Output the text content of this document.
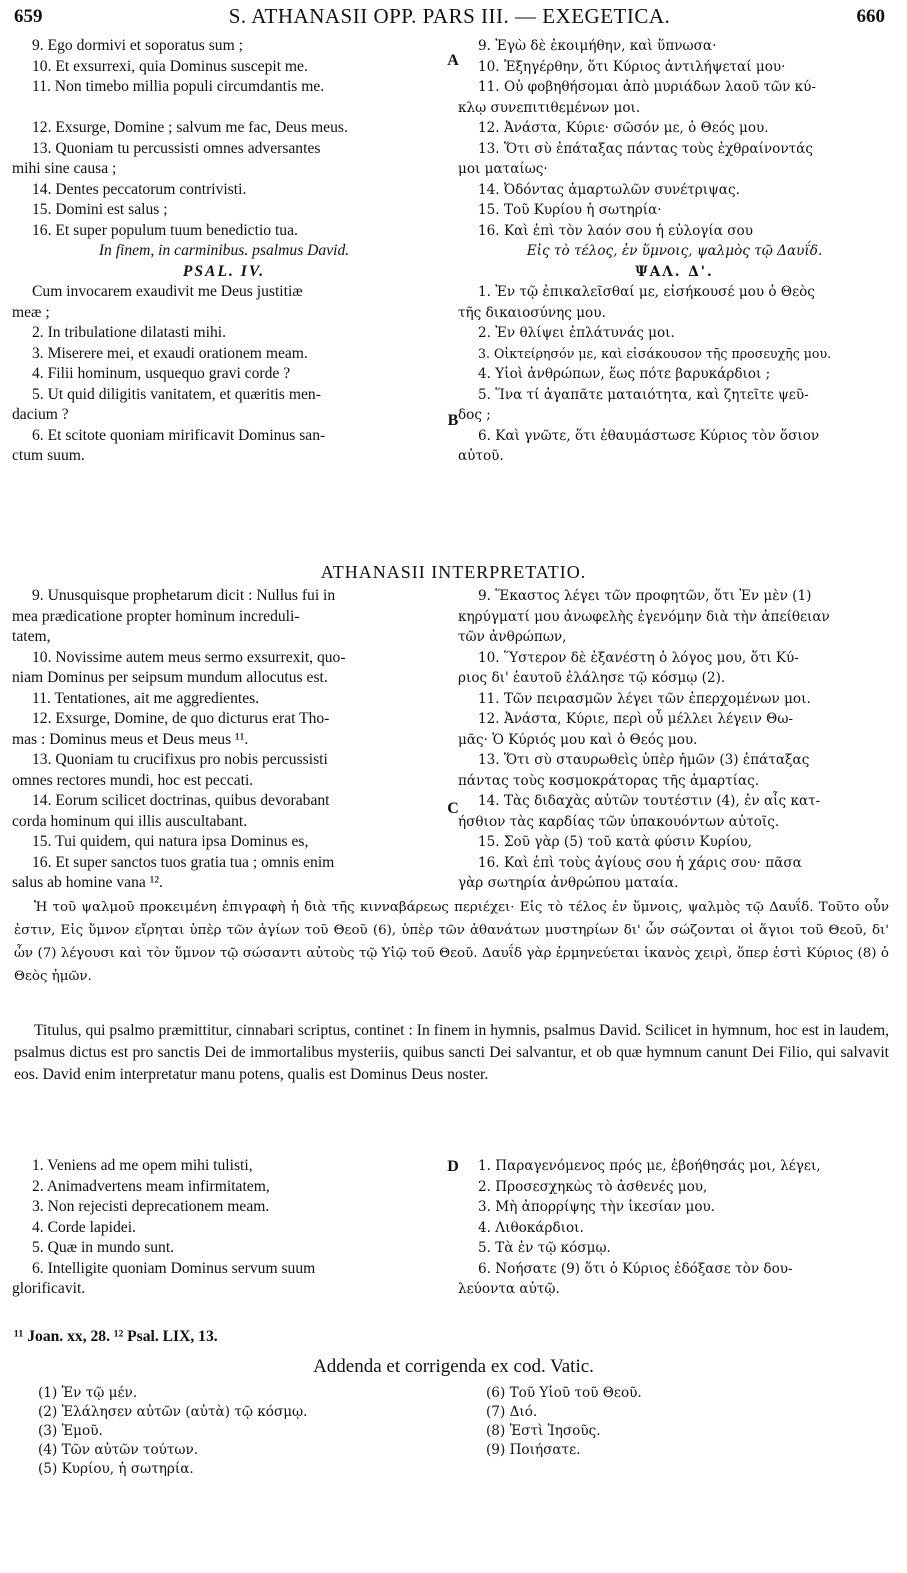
659	S. ATHANASII OPP. PARS III. — EXEGETICA.	660

9. Ego dormivi et soporatus sum ;

10. Et exsurrexi, quia Dominus suscepit me.

11. Non timebo millia populi circumdantis me.

12. Exsurge, Domine ; salvum me fac, Deus meus.

13. Quoniam tu percussisti omnes adversantes

mihi sine causa ;

14. Dentes peccatorum contrivisti.

15. Domini est salus ;

16. Et super populum tuum benedictio tua.

In finem, in carminibus. psalmus David.

PSAL. IV.

Cum invocarem exaudivit me Deus justitiæ

meæ ;

2. In tribulatione dilatasti mihi.

3. Miserere mei, et exaudi orationem meam.

4. Filii hominum, usquequo gravi corde ?

5. Ut quid diligitis vanitatem, et quæritis men-

dacium ?

6. Et scitote quoniam mirificavit Dominus san-

ctum suum.

9. Ἐγὼ δὲ ἐκοιμήθην, καὶ ὕπνωσα·

10. Ἐξηγέρθην, ὅτι Κύριος ἀντιλήψεταί μου·

11. Οὐ φοβηθήσομαι ἀπὸ μυριάδων λαοῦ τῶν κύ-

κλῳ συνεπιτιθεμένων μοι.

12. Ἀνάστα, Κύριε· σῶσόν με, ὁ Θεός μου.

13. Ὅτι σὺ ἐπάταξας πάντας τοὺς ἐχθραίνοντάς

μοι ματαίως·

14. Ὀδόντας ἁμαρτωλῶν συνέτριψας.

15. Τοῦ Κυρίου ἡ σωτηρία·

16. Καὶ ἐπὶ τὸν λαόν σου ἡ εὐλογία σου

Εἰς τὸ τέλος, ἐν ὕμνοις, ψαλμὸς τῷ Δαυΐδ.

ΨΑΛ. Δ'.

1. Ἐν τῷ ἐπικαλεῖσθαί με, εἰσήκουσέ μου ὁ Θεὸς

τῆς δικαιοσύνης μου.

2. Ἐν θλίψει ἐπλάτυνάς μοι.

3. Οἰκτείρησόν με, καὶ εἰσάκουσον τῆς προσευχῆς μου.

4. Υἱοὶ ἀνθρώπων, ἕως πότε βαρυκάρδιοι ;

5. Ἵνα τί ἀγαπᾶτε ματαιότητα, καὶ ζητεῖτε ψεῦ-

δος ;

6. Καὶ γνῶτε, ὅτι ἐθαυμάστωσε Κύριος τὸν ὅσιον

αὐτοῦ.

A
B
ATHANASII INTERPRETATIO.

9. Unusquisque prophetarum dicit : Nullus fui in

mea prædicatione propter hominum increduli-

tatem,

10. Novissime autem meus sermo exsurrexit, quo-

niam Dominus per seipsum mundum allocutus est.

11. Tentationes, ait me aggredientes.

12. Exsurge, Domine, de quo dicturus erat Tho-

mas : Dominus meus et Deus meus ¹¹.

13. Quoniam tu crucifixus pro nobis percussisti

omnes rectores mundi, hoc est peccati.

14. Eorum scilicet doctrinas, quibus devorabant

corda hominum qui illis auscultabant.

15. Tui quidem, qui natura ipsa Dominus es,

16. Et super sanctos tuos gratia tua ; omnis enim

salus ab homine vana ¹².

9. Ἕκαστος λέγει τῶν προφητῶν, ὅτι Ἐν μὲν (1)

κηρύγματί μου ἀνωφελὴς ἐγενόμην διὰ τὴν ἀπείθειαν

τῶν ἀνθρώπων,

10. Ὕστερον δὲ ἐξανέστη ὁ λόγος μου, ὅτι Κύ-

ριος δι' ἑαυτοῦ ἐλάλησε τῷ κόσμῳ (2).

11. Τῶν πειρασμῶν λέγει τῶν ἐπερχομένων μοι.

12. Ἀνάστα, Κύριε, περὶ οὗ μέλλει λέγειν Θω-

μᾶς· Ὁ Κύριός μου καὶ ὁ Θεός μου.

13. Ὅτι σὺ σταυρωθεὶς ὑπὲρ ἡμῶν (3) ἐπάταξας

πάντας τοὺς κοσμοκράτορας τῆς ἁμαρτίας.

14. Τὰς διδαχὰς αὐτῶν τουτέστιν (4), ἐν αἷς κατ-

ήσθιον τὰς καρδίας τῶν ὑπακουόντων αὐτοῖς.

15. Σοῦ γὰρ (5) τοῦ κατὰ φύσιν Κυρίου,

16. Καὶ ἐπὶ τοὺς ἁγίους σου ἡ χάρις σου· πᾶσα

γὰρ σωτηρία ἀνθρώπου ματαία.

C

Ἡ τοῦ ψαλμοῦ προκειμένη ἐπιγραφὴ ἡ διὰ τῆς κινναβάρεως περιέχει· Εἰς τὸ τέλος ἐν ὕμνοις, ψαλμὸς τῷ Δαυΐδ. Τοῦτο οὖν ἐστιν, Εἰς ὕμνον εἴρηται ὑπὲρ τῶν ἁγίων τοῦ Θεοῦ (6), ὑπὲρ τῶν ἀθανάτων μυστηρίων δι' ὧν σώζονται οἱ ἅγιοι τοῦ Θεοῦ, δι' ὧν (7) λέγουσι καὶ τὸν ὕμνον τῷ σώσαντι αὐτοὺς τῷ Υἱῷ τοῦ Θεοῦ. Δαυΐδ γὰρ ἑρμηνεύεται ἱκανὸς χειρὶ, ὅπερ ἐστὶ Κύριος (8) ὁ Θεὸς ἡμῶν.

Titulus, qui psalmo præmittitur, cinnabari scriptus, continet : In finem in hymnis, psalmus David. Scilicet in hymnum, hoc est in laudem, psalmus dictus est pro sanctis Dei de immortalibus mysteriis, quibus sancti Dei salvantur, et ob quæ hymnum canunt Dei Filio, qui salvavit eos. David enim interpretatur manu potens, qualis est Dominus Deus noster.

1. Veniens ad me opem mihi tulisti,

2. Animadvertens meam infirmitatem,

3. Non rejecisti deprecationem meam.

4. Corde lapidei.

5. Quæ in mundo sunt.

6. Intelligite quoniam Dominus servum suum

glorificavit.

1. Παραγενόμενος πρός με, ἐβοήθησάς μοι, λέγει,

2. Προσεσχηκὼς τὸ ἀσθενές μου,

3. Μὴ ἀπορρίψης τὴν ἱκεσίαν μου.

4. Λιθοκάρδιοι.

5. Τὰ ἐν τῷ κόσμῳ.

6. Νοήσατε (9) ὅτι ὁ Κύριος ἐδόξασε τὸν δου-

λεύοντα αὐτῷ.

D
¹¹ Joan. xx, 28. ¹² Psal. LIX, 13.
Addenda et corrigenda ex cod. Vatic.

(1) Ἐν τῷ μέν.

(2) Ἐλάλησεν αὐτῶν (αὐτὰ) τῷ κόσμῳ.

(3) Ἐμοῦ.

(4) Τῶν αὐτῶν τούτων.

(5) Κυρίου, ἡ σωτηρία.

(6) Τοῦ Υἱοῦ τοῦ Θεοῦ.

(7) Διό.

(8) Ἐστὶ Ἰησοῦς.

(9) Ποιήσατε.
